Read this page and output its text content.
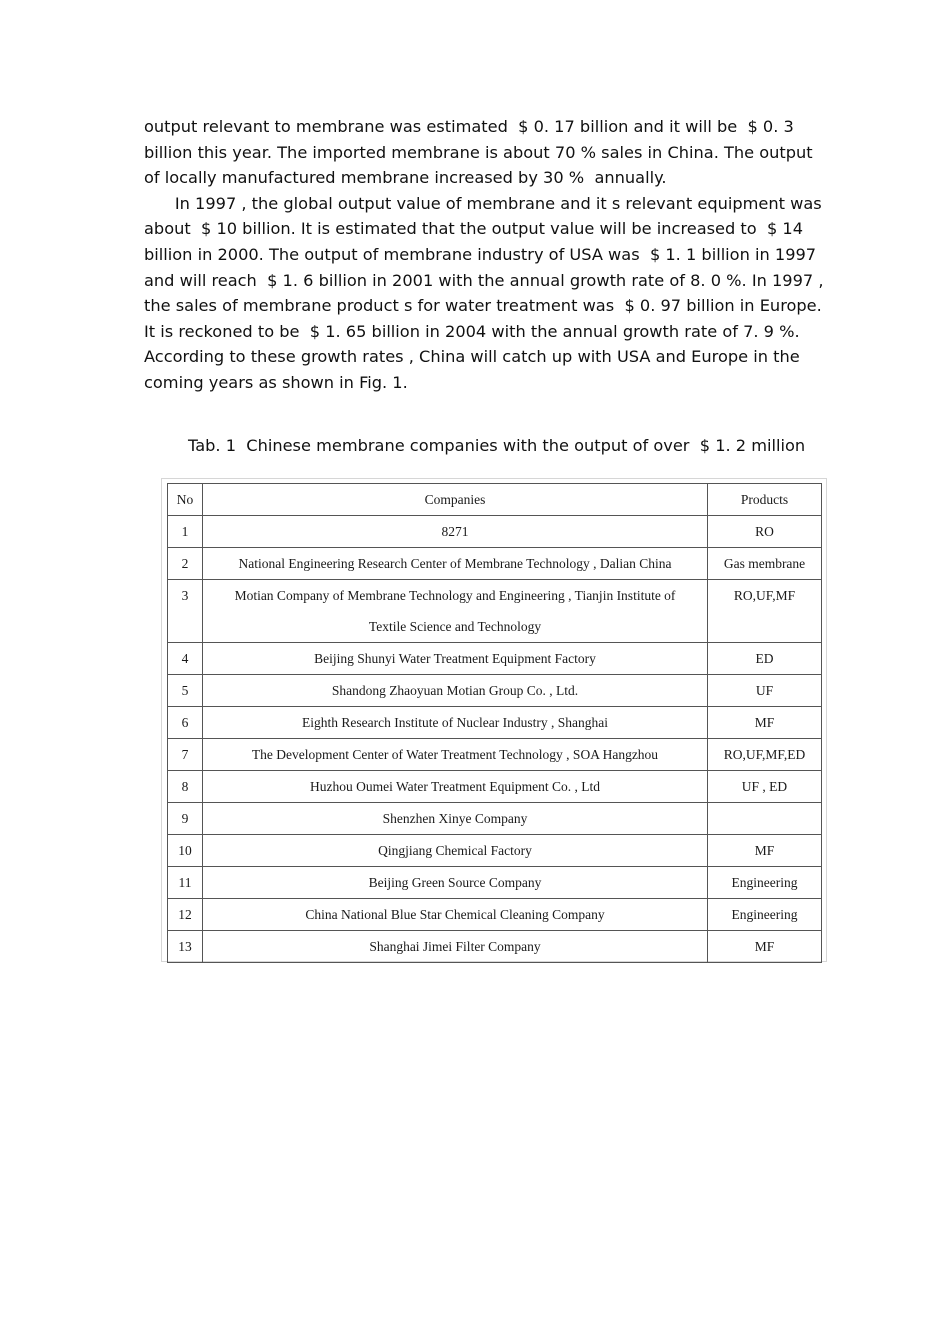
output relevant to membrane was estimated  $ 0. 17 billion and it will be  $ 0. 3
billion this year. The imported membrane is about 70 % sales in China. The output
of locally manufactured membrane increased by 30 %  annually.
In 1997 , the global output value of membrane and it s relevant equipment was
about  $ 10 billion. It is estimated that the output value will be increased to  $ 14
billion in 2000. The output of membrane industry of USA was  $ 1. 1 billion in 1997
and will reach  $ 1. 6 billion in 2001 with the annual growth rate of 8. 0 %. In 1997 ,
the sales of membrane product s for water treatment was  $ 0. 97 billion in Europe.
It is reckoned to be  $ 1. 65 billion in 2004 with the annual growth rate of 7. 9 %.
According to these growth rates , China will catch up with USA and Europe in the
coming years as shown in Fig. 1.
Tab. 1  Chinese membrane companies with the output of over  $ 1. 2 million
No	Companies	Products
1	8271	RO
2	National Engineering Research Center of Membrane Technology , Dalian China	Gas membrane
3	Motian Company of Membrane Technology and Engineering , Tianjin Institute of
Textile Science and Technology	RO,UF,MF
4	Beijing Shunyi Water Treatment Equipment Factory	ED
5	Shandong Zhaoyuan Motian Group Co. , Ltd.	UF
6	Eighth Research Institute of Nuclear Industry , Shanghai	MF
7	The Development Center of Water Treatment Technology , SOA Hangzhou	RO,UF,MF,ED
8	Huzhou Oumei Water Treatment Equipment Co. , Ltd	UF , ED
9	Shenzhen Xinye Company	
10	Qingjiang Chemical Factory	MF
11	Beijing Green Source Company	Engineering
12	China National Blue Star Chemical Cleaning Company	Engineering
13	Shanghai Jimei Filter Company	MF
